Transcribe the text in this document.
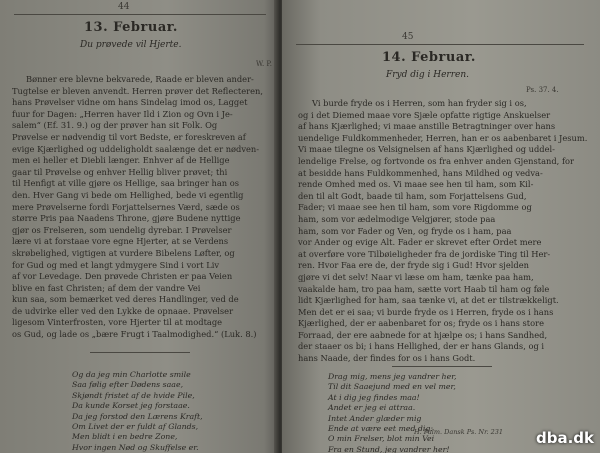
44
13. Februar.
Du prøvede vil Hjerte.
W. P.
Bønner ere blevne bekvarede, Raade er bleven ander-
Tugtelse er bleven anvendt. Herren prøver det Reflecteren,
hans Prøvelser vidne om hans Sindelag imod os, Lagget
fuur for Dagen: „Herren haver Ild i Zion og Ovn i Je-
salem“ (Ef. 31. 9.) og der prøver han sit Folk. Og
Prøvelse er nødvendig til vort Bedste, er foreskreven af
evige Kjærlighed og uddeligholdt saalænge det er nødven-
men ei heller et Diebli længer. Enhver af de Hellige
gaar til Prøvelse og enhver Hellig bliver prøvet; thi
til Henfigt at ville gjøre os Hellige, saa bringer han os
den. Hver Gang vi bede om Hellighed, bede vi egentlig
mere Prøvelserne fordi Forjattelsernes Værd, sæde os
større Pris paa Naadens Throne, gjøre Budene nyttige
gjør os Frelseren, som uendelig dyrebar. I Prøvelser
lære vi at forstaae vore egne Hjerter, at se Verdens
skrøbelighed, vigtigen at vurdere Bibelens Løfter, og
for Gud og med et langt ydmygere Sind i vort Liv
af vor Levedage. Den prøvede Christen er paa Veien
blive en fast Christen; af dem der vandre Vei
kun saa, som bemærket ved deres Handlinger, ved de
de udvirke eller ved den Lykke de opnaae. Prøvelser
ligesom Vinterfrosten, vore Hjerter til at modtage
os Gud, og lade os „bære Frugt i Taalmodighed.“ (Luk. 8.)
Og da jeg min Charlotte smile
Saa følig efter Dødens saae,
Skjøndt fristet af de hvide Pile,
Da kunde Korset jeg forstaae.
Da jeg forstod den Lærens Kraft,
Om Livet der er fuldt af Glands,
Men blidt i en bedre Zone,
Hvor ingen Nød og Skuffelse er.
45
14. Februar.
Fryd dig i Herren.
Ps. 37. 4.
Vi burde fryde os i Herren, som han fryder sig i os,
og i det Diemed maae vore Sjæle opfatte rigtige Anskuelser
af hans Kjærlighed; vi maae anstille Betragtninger over hans
uendelige Fuldkommenheder, Herren, han er os aabenbaret i Jesum.
Vi maae tilegne os Velsignelsen af hans Kjærlighed og uddel-
lendelige Frelse, og fortvonde os fra enhver anden Gjenstand, for
at besidde hans Fuldkommenhed, hans Mildhed og vedva-
rende Omhed med os. Vi maae see hen til ham, som Kil-
den til alt Godt, baade til ham, som Forjattelsens Gud,
Fader; vi maae see hen til ham, som vore Rigdomme og
ham, som vor ædelmodige Velgjører, stode paa
ham, som vor Fader og Ven, og fryde os i ham, paa
vor Ander og evige Alt. Fader er skrevet efter Ordet mere
at overføre vore Tilbøieligheder fra de jordiske Ting til Her-
ren. Hvor Faa ere de, der fryde sig i Gud! Hvor sjelden
gjøre vi det selv! Naar vi læse om ham, tænke paa ham,
vaakalde ham, tro paa ham, sætte vort Haab til ham og føle
lidt Kjærlighed for ham, saa tænke vi, at det er tilstrækkeligt.
Men det er ei saa; vi burde fryde os i Herren, fryde os i hans
Kjærlighed, der er aabenbaret for os; fryde os i hans store
Forraad, der ere aabnede for at hjælpe os; i hans Sandhed,
der staaer os bi; i hans Hellighed, der er hans Glands, og i
hans Naade, der findes for os i hans Godt.
Drag mig, mens jeg vandrer her,
Til dit Saaejund med en vel mer,
At i dig jeg findes maa!
Andet er jeg ei attraa.
Intet Ander glæder mig
Ende at være eet med dig:
O min Frelser, blot min Vei
Fra en Stund, jeg vandrer her!
H. Palm. Dansk Ps. Nr. 231 dba.dk
